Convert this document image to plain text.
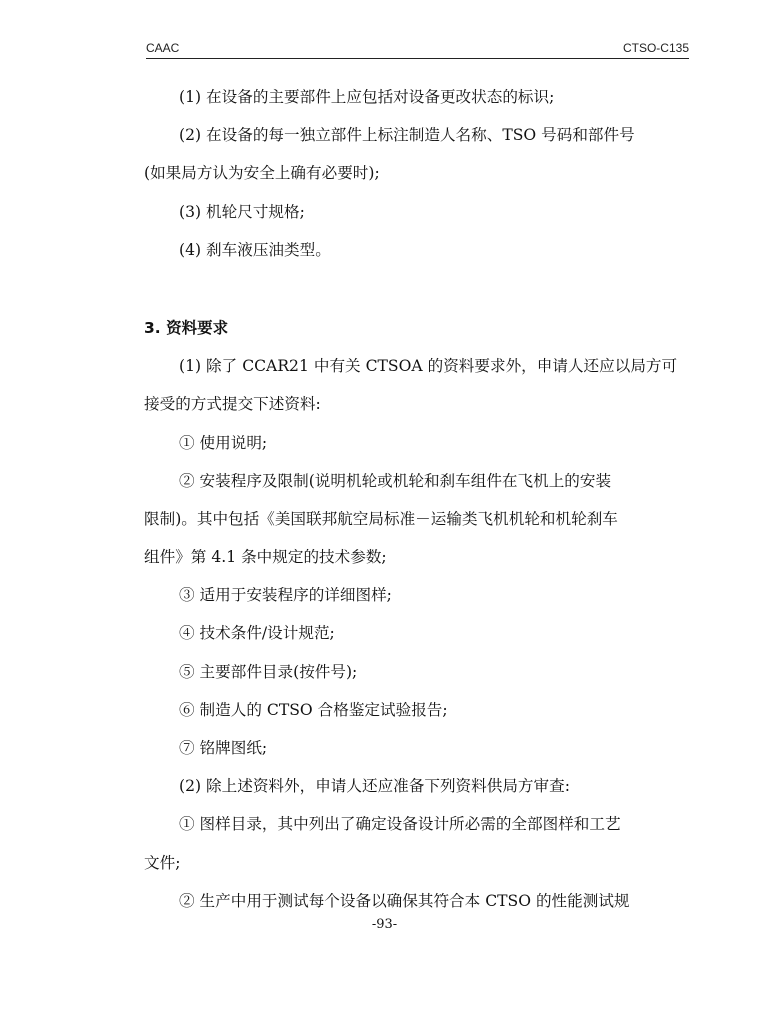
CAAC	CTSO-C135
(1) 在设备的主要部件上应包括对设备更改状态的标识;
(2) 在设备的每一独立部件上标注制造人名称、TSO 号码和部件号
(如果局方认为安全上确有必要时);
(3) 机轮尺寸规格;
(4) 刹车液压油类型。
3. 资料要求
(1) 除了 CCAR21 中有关 CTSOA 的资料要求外，申请人还应以局方可
接受的方式提交下述资料:
① 使用说明;
② 安装程序及限制(说明机轮或机轮和刹车组件在飞机上的安装
限制)。其中包括《美国联邦航空局标准－运输类飞机机轮和机轮刹车
组件》第 4.1 条中规定的技术参数;
③ 适用于安装程序的详细图样;
④ 技术条件/设计规范;
⑤ 主要部件目录(按件号);
⑥ 制造人的 CTSO 合格鉴定试验报告;
⑦ 铭牌图纸;
(2) 除上述资料外，申请人还应准备下列资料供局方审查:
① 图样目录，其中列出了确定设备设计所必需的全部图样和工艺
文件;
② 生产中用于测试每个设备以确保其符合本 CTSO 的性能测试规
-93-
